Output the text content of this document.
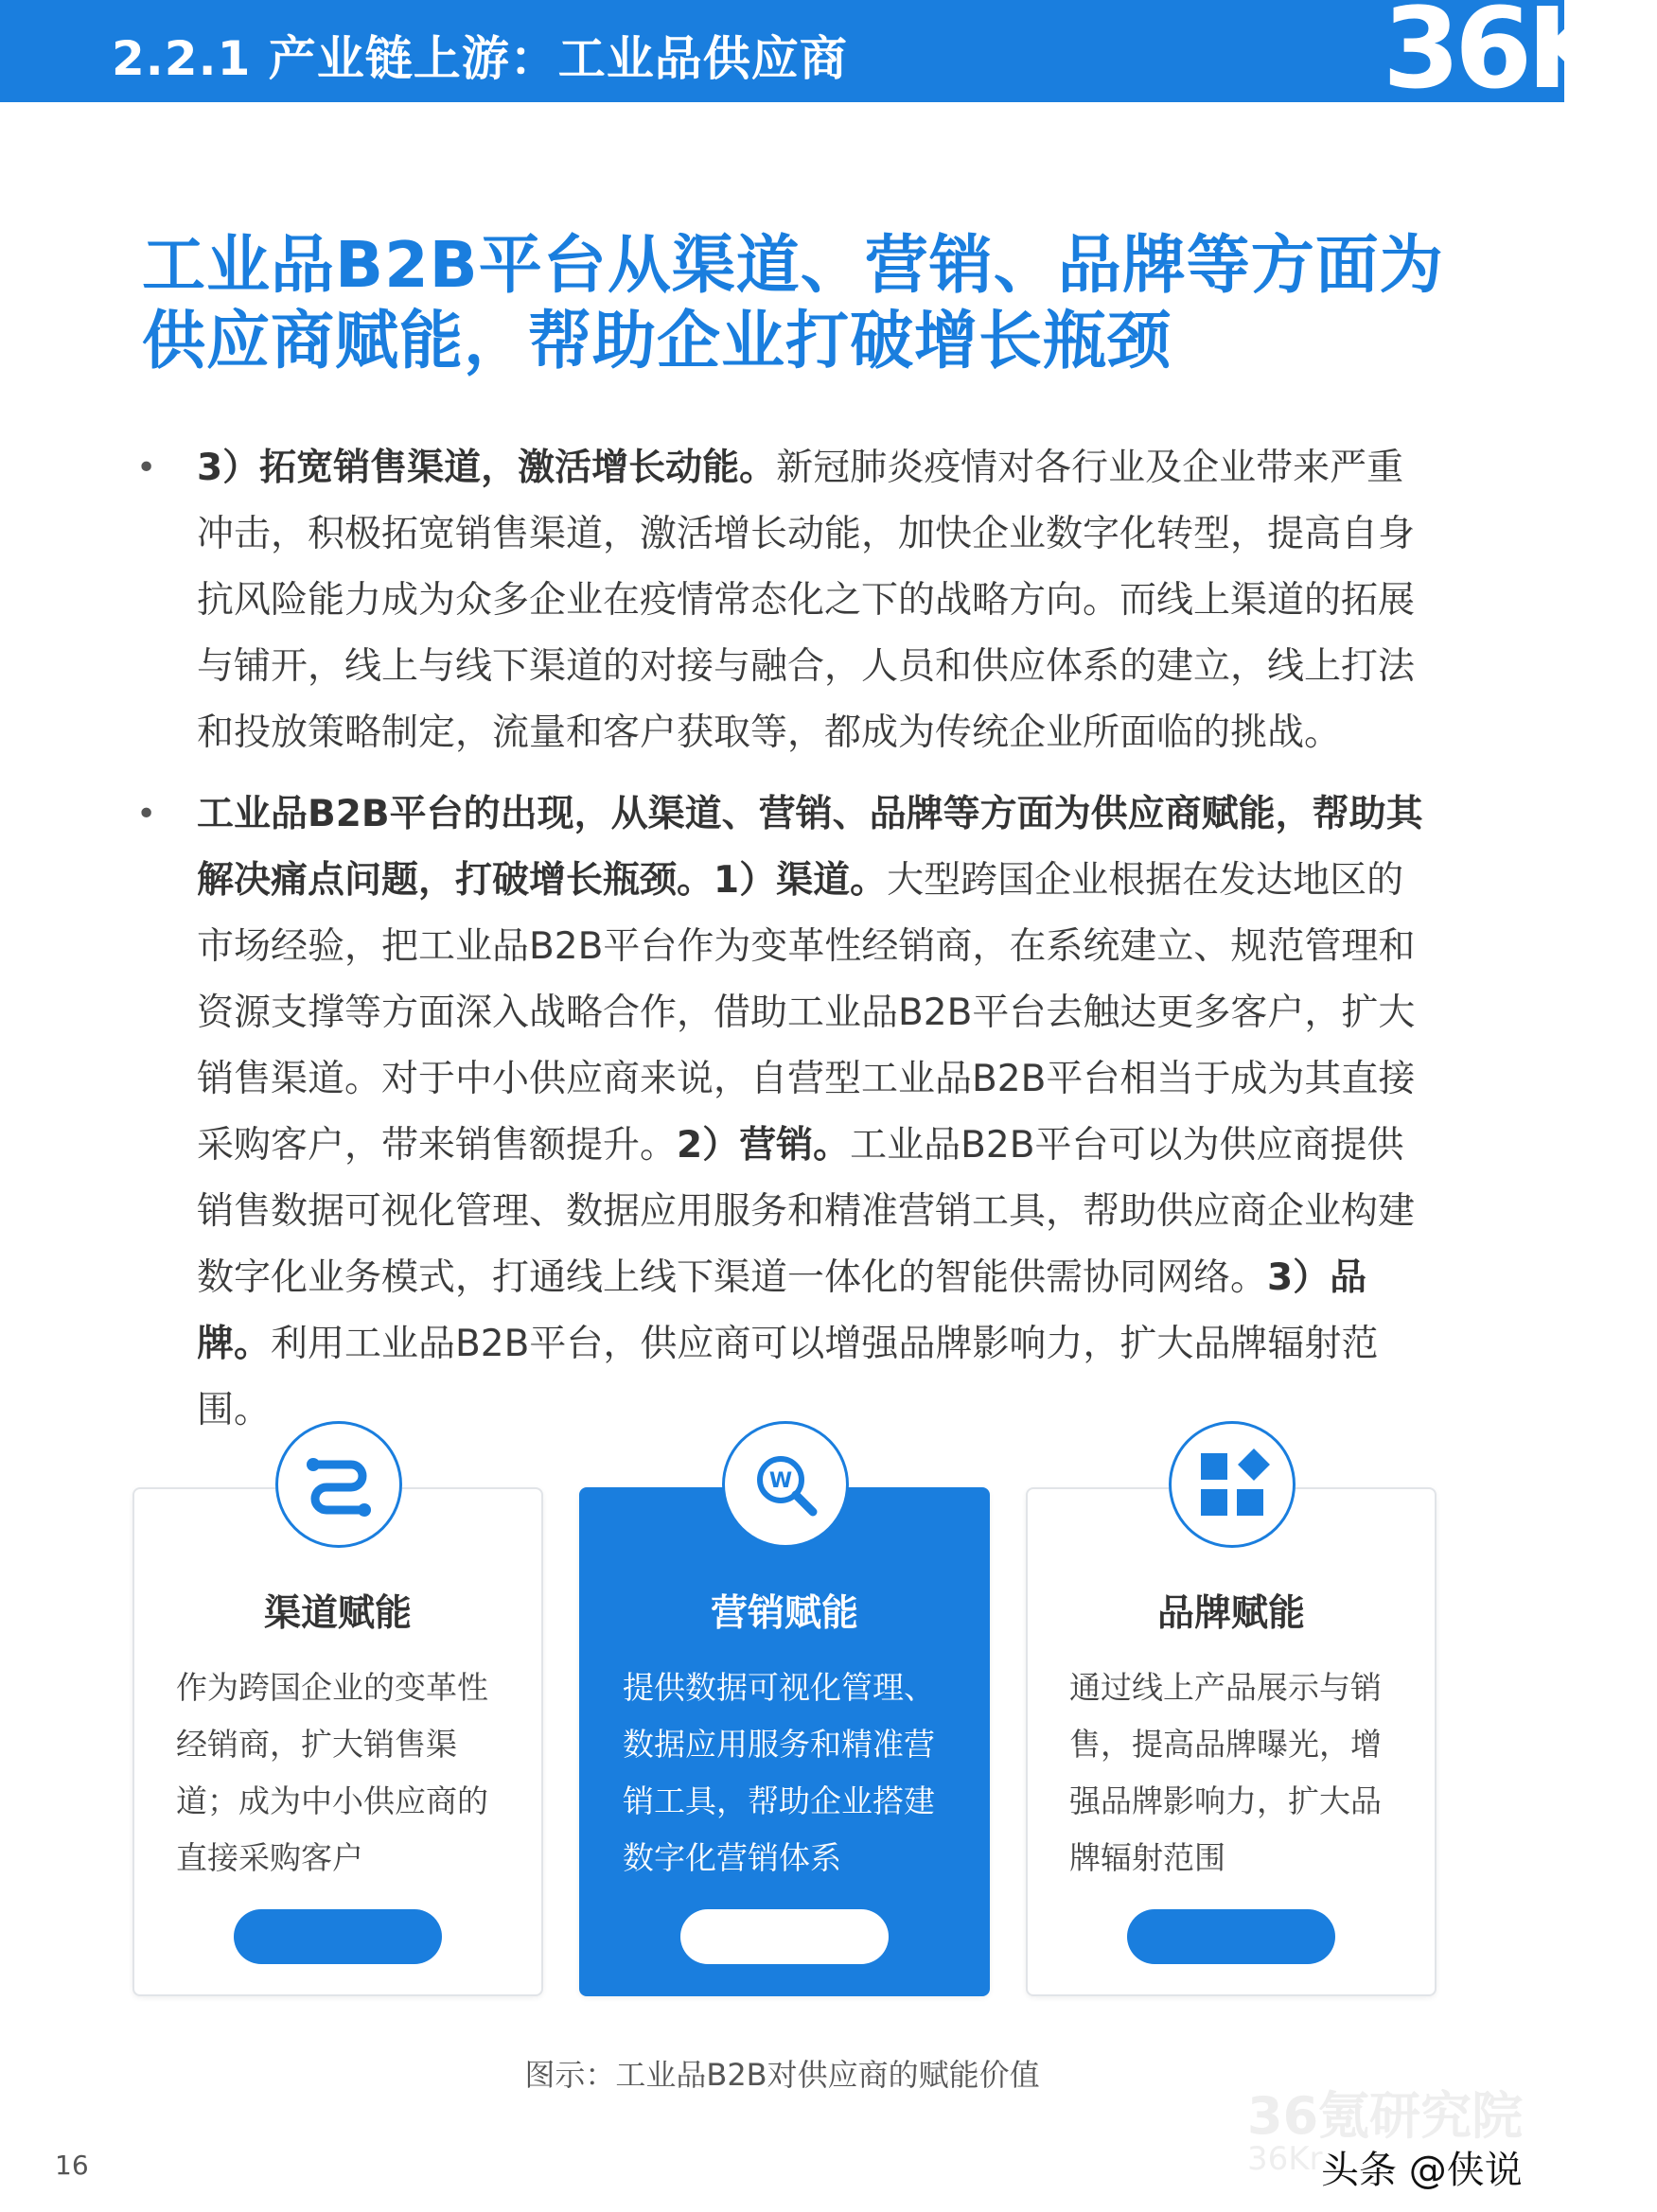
2.2.1 产业链上游：工业品供应商	36Kr
工业品B2B平台从渠道、营销、品牌等方面为
供应商赋能，帮助企业打破增长瓶颈
• 3）拓宽销售渠道，激活增长动能。新冠肺炎疫情对各行业及企业带来严重冲击，积极拓宽销售渠道，激活增长动能，加快企业数字化转型，提高自身抗风险能力成为众多企业在疫情常态化之下的战略方向。而线上渠道的拓展与铺开，线上与线下渠道的对接与融合，人员和供应体系的建立，线上打法和投放策略制定，流量和客户获取等，都成为传统企业所面临的挑战。
• 工业品B2B平台的出现，从渠道、营销、品牌等方面为供应商赋能，帮助其解决痛点问题，打破增长瓶颈。1）渠道。大型跨国企业根据在发达地区的市场经验，把工业品B2B平台作为变革性经销商，在系统建立、规范管理和资源支撑等方面深入战略合作，借助工业品B2B平台去触达更多客户，扩大销售渠道。对于中小供应商来说，自营型工业品B2B平台相当于成为其直接采购客户，带来销售额提升。2）营销。工业品B2B平台可以为供应商提供销售数据可视化管理、数据应用服务和精准营销工具，帮助供应商企业构建数字化业务模式，打通线上线下渠道一体化的智能供需协同网络。3）品牌。利用工业品B2B平台，供应商可以增强品牌影响力，扩大品牌辐射范围。
渠道赋能
作为跨国企业的变革性经销商，扩大销售渠道；成为中小供应商的直接采购客户
W
营销赋能
提供数据可视化管理、数据应用服务和精准营销工具，帮助企业搭建数字化营销体系
品牌赋能
通过线上产品展示与销售，提高品牌曝光，增强品牌影响力，扩大品牌辐射范围
图示：工业品B2B对供应商的赋能价值
16
36氪研究院
36Kr
头条 @侠说
